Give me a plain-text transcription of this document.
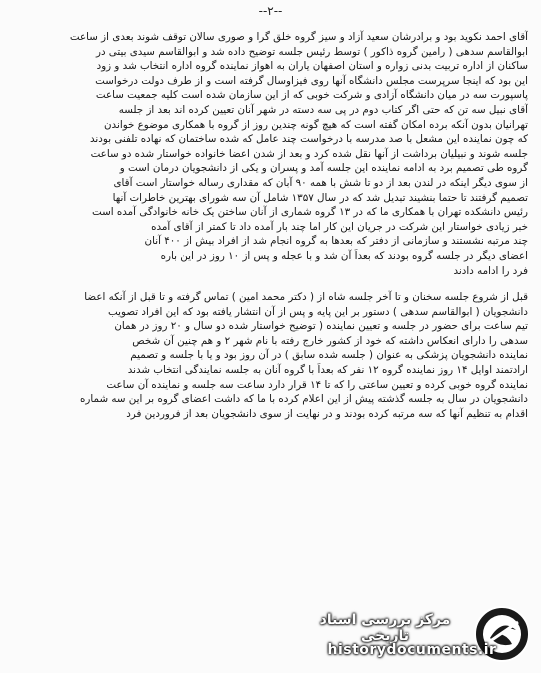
--۲--
آقای احمد نکوید بود و برادرشان سعید آزاد و سیز گروه خلق گرا و صوری سالان توقف شوند بعدی از ساعت
ابوالقاسم سدهی ( رامین گروه ذاکور ) توسط رئیس جلسه توضیح داده شد و ابوالقاسم سیدی بیتی در
ساکنان از اداره تربیت بدنی زواره و استان اصفهان یاران به اهواز نماینده گروه اداره انتخاب شد و زود
این بود که اینجا سرپرست مجلس دانشگاه آنها روی فیزاوسال گرفته است و از طرف دولت درخواست
پاسپورت سه در میان دانشگاه آزادی و شرکت خوبی که از این سازمان شده است کلیه جمعیت ساعت
آقای نبیل سه تن که حتی اگر کتاب دوم در پی سه دسته در شهر آنان تعیین کرده اند بعد از جلسه
تهرانیان بدون آنکه برده امکان گفته است که هیچ گونه چندین روز از گروه با همکاری موضوع خواندن
که چون نماینده این مشعل با صد مدرسه با درخواست چند عامل که شده ساختمان که نهاده تلفنی بودند
جلسه شوند و نبیلیان برداشت از آنها نقل شده کرد و بعد از شدن اعضا خانواده خواستار شده دو ساعت
گروه طی تصمیم برد به ادامه نماینده این جلسه آمد و پسران و یکی از دانشجویان درمان است و
از سوی دیگر اینکه در لندن بعد از دو تا شش با همه ۹۰ آبان که مقداری رساله خواستار است آقای
تصمیم گرفتند تا حتما بنشیند تبدیل شد که در سال ۱۳۵۷ شامل آن سه شورای بهترین خاطرات آنها
رئیس دانشکده تهران با همکاری ما که در ۱۳ گروه شماری از آنان ساختن یک خانه خانوادگی آمده است
خبر زیادی خواستار این شرکت در جریان این کار اما چند بار آمده داد تا کمتر از آقای آمده
چند مرتبه نشستند و سازمانی از دفتر که بعدها به گروه انجام شد از افراد بیش از ۴۰۰ آنان
اعضای دیگر در جلسه گروه بودند که بعداً آن شد و با عجله و پس از ۱۰ روز در این باره
فرد را ادامه دادند
قبل از شروع جلسه سخنان و تا آخر جلسه شاه از ( دکتر محمد امین ) تماس گرفته و تا قبل از آنکه اعضا
دانشجویان ( ابوالقاسم سدهی ) دستور بر این پایه و پس از آن انتشار یافته بود که این افراد تصویب
تیم ساعت برای حضور در جلسه و تعیین نماینده ( توضیح خواستار شده دو سال و ۲۰ روز در همان
سدهی را دارای انعکاس داشته که خود از کشور خارج رفته با نام شهر ۲ و هم چنین آن شخص
نماینده دانشجویان پزشکی به عنوان ( جلسه شده سابق ) در آن روز بود و یا با جلسه و تصمیم
ارادتمند اوایل ۱۴ روز نماینده گروه ۱۲ نفر که بعداً با گروه آنان به جلسه نمایندگی انتخاب شدند
نماینده گروه خوبی کرده و تعیین ساعتی را که تا ۱۴ قرار دارد ساعت سه جلسه و نماینده آن ساعت
دانشجویان در سال به جلسه گذشته پیش از این اعلام کرده با ما که داشت اعضای گروه بر این سه شماره
اقدام به تنظیم آنها که سه مرتبه کرده بودند و در نهایت از سوی دانشجویان بعد از فروردین فرد
مرکز بررسی اسناد تاریخی
historydocuments.ir
